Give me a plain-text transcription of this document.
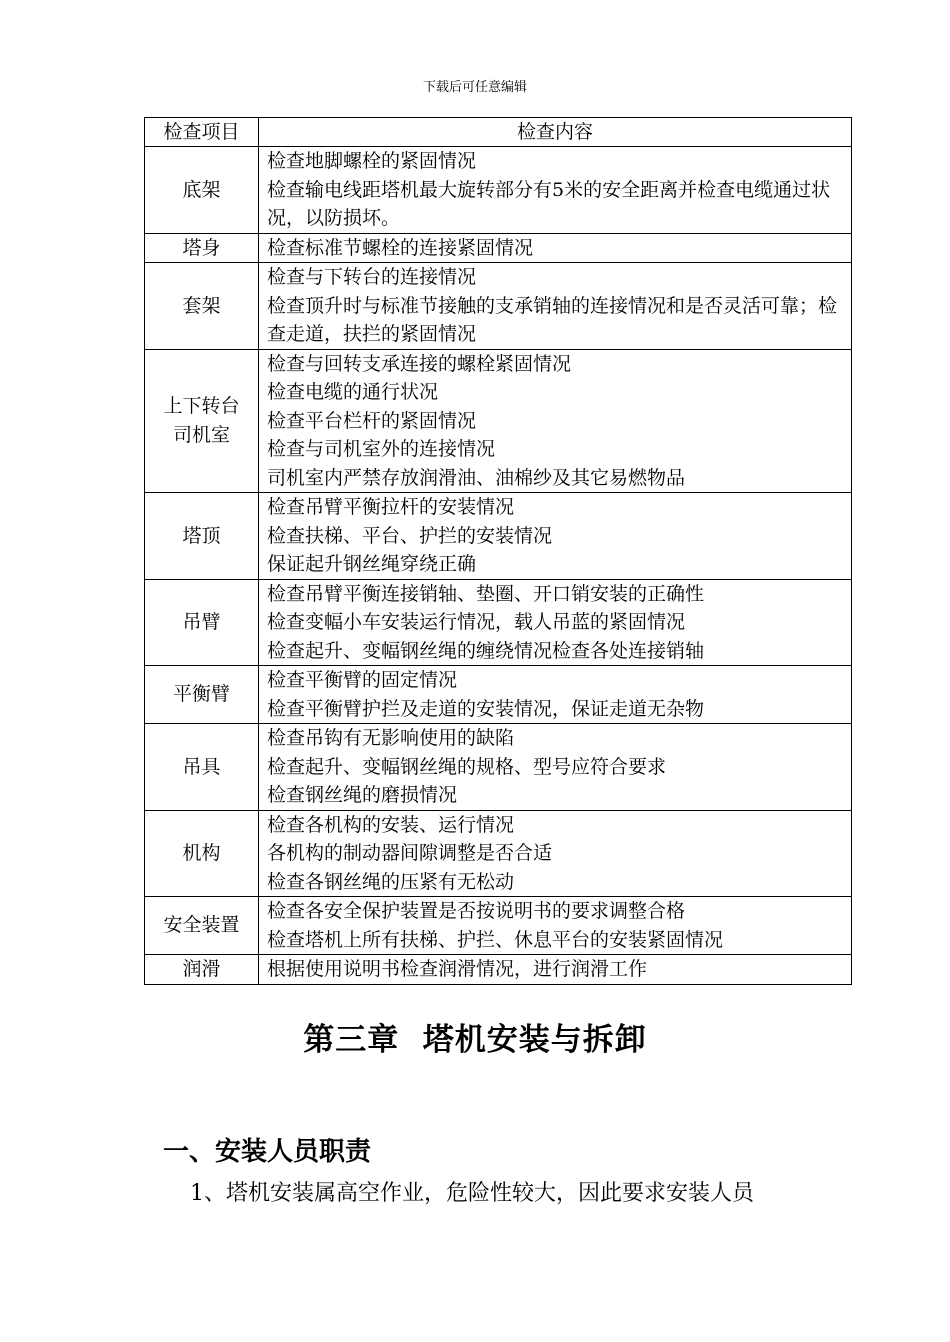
下载后可任意编辑
检查项目	检查内容

底架	检查地脚螺栓的紧固情况
检查输电线距塔机最大旋转部分有5米的安全距离并检查电缆通过状况，以防损坏。

塔身	检查标准节螺栓的连接紧固情况

套架	检查与下转台的连接情况
检查顶升时与标准节接触的支承销轴的连接情况和是否灵活可靠；检查走道，扶拦的紧固情况

上下转台
司机室	检查与回转支承连接的螺栓紧固情况
检查电缆的通行状况
检查平台栏杆的紧固情况
检查与司机室外的连接情况
司机室内严禁存放润滑油、油棉纱及其它易燃物品

塔顶	检查吊臂平衡拉杆的安装情况
检查扶梯、平台、护拦的安装情况
保证起升钢丝绳穿绕正确

吊臂	检查吊臂平衡连接销轴、垫圈、开口销安装的正确性
检查变幅小车安装运行情况，载人吊蓝的紧固情况
检查起升、变幅钢丝绳的缠绕情况检查各处连接销轴

平衡臂	检查平衡臂的固定情况
检查平衡臂护拦及走道的安装情况，保证走道无杂物

吊具	检查吊钩有无影响使用的缺陷
检查起升、变幅钢丝绳的规格、型号应符合要求
检查钢丝绳的磨损情况

机构	检查各机构的安装、运行情况
各机构的制动器间隙调整是否合适
检查各钢丝绳的压紧有无松动

安全装置	检查各安全保护装置是否按说明书的要求调整合格
检查塔机上所有扶梯、护拦、休息平台的安装紧固情况

润滑	根据使用说明书检查润滑情况，进行润滑工作
第三章  塔机安装与拆卸
一、安装人员职责
1、塔机安装属高空作业，危险性较大，因此要求安装人员
